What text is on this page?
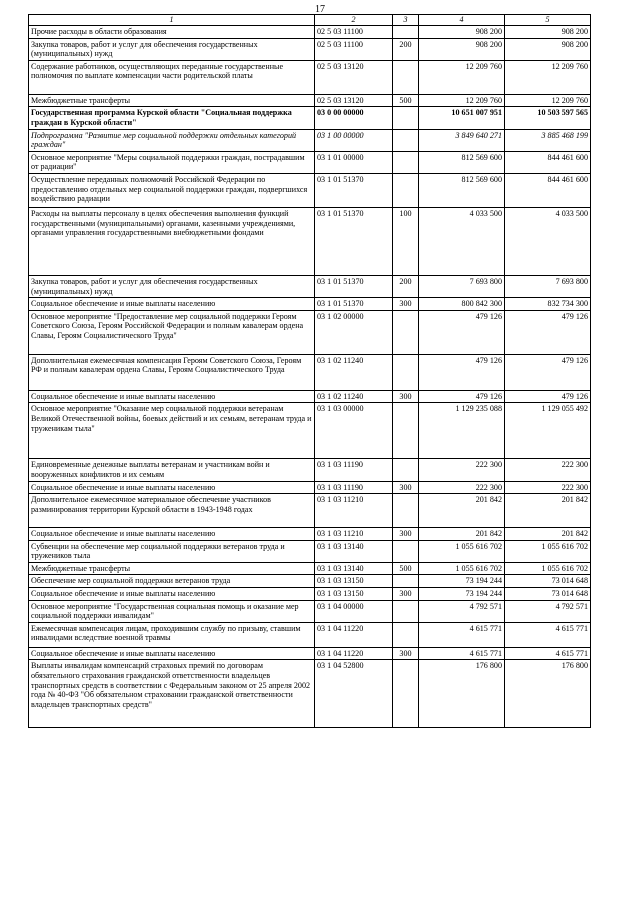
17
1	2	3	4	5
Прочие расходы в области образования	02 5 03 11100		908 200	908 200
Закупка товаров, работ и услуг для обеспечения государственных (муниципальных) нужд	02 5 03 11100	200	908 200	908 200
Содержание работников, осуществляющих переданные государственные полномочия по выплате компенсации части родительской платы	02 5 03 13120		12 209 760	12 209 760
Межбюджетные трансферты	02 5 03 13120	500	12 209 760	12 209 760
Государственная программа Курской области "Социальная поддержка граждан в Курской области"	03 0 00 00000		10 651 007 951	10 503 597 565
Подпрограмма "Развитие мер социальной поддержки отдельных категорий граждан"	03 1 00 00000		3 849 640 271	3 885 468 199
Основное мероприятие "Меры социальной поддержки граждан, пострадавшим от радиации"	03 1 01 00000		812 569 600	844 461 600
Осуществление переданных полномочий Российской Федерации по предоставлению отдельных мер социальной поддержки граждан, подвергшихся воздействию радиации	03 1 01 51370		812 569 600	844 461 600
Расходы на выплаты персоналу в целях обеспечения выполнения функций государственными (муниципальными) органами, казенными учреждениями, органами управления государственными внебюджетными фондами	03 1 01 51370	100	4 033 500	4 033 500
Закупка товаров, работ и услуг для обеспечения государственных (муниципальных) нужд	03 1 01 51370	200	7 693 800	7 693 800
Социальное обеспечение и иные выплаты населению	03 1 01 51370	300	800 842 300	832 734 300
Основное мероприятие "Предоставление мер социальной поддержки Героям Советского Союза, Героям Российской Федерации и полным кавалерам ордена Славы, Героям Социалистического Труда"	03 1 02 00000		479 126	479 126
Дополнительная ежемесячная компенсация Героям Советского Союза, Героям РФ и полным кавалерам ордена Славы, Героям Социалистического Труда	03 1 02 11240		479 126	479 126
Социальное обеспечение и иные выплаты населению	03 1 02 11240	300	479 126	479 126
Основное мероприятие "Оказание мер социальной поддержки ветеранам Великой Отечественной войны, боевых действий и их семьям, ветеранам труда и труженикам тыла"	03 1 03 00000		1 129 235 088	1 129 055 492
Единовременные денежные выплаты ветеранам и участникам войн и вооруженных конфликтов и их семьям	03 1 03 11190		222 300	222 300
Социальное обеспечение и иные выплаты населению	03 1 03 11190	300	222 300	222 300
Дополнительное ежемесячное материальное обеспечение участников разминирования территории Курской области в 1943-1948 годах	03 1 03 11210		201 842	201 842
Социальное обеспечение и иные выплаты населению	03 1 03 11210	300	201 842	201 842
Субвенции на обеспечение мер социальной поддержки ветеранов труда и тружеников тыла	03 1 03 13140		1 055 616 702	1 055 616 702
Межбюджетные трансферты	03 1 03 13140	500	1 055 616 702	1 055 616 702
Обеспечение мер социальной поддержки ветеранов труда	03 1 03 13150		73 194 244	73 014 648
Социальное обеспечение и иные выплаты населению	03 1 03 13150	300	73 194 244	73 014 648
Основное мероприятие "Государственная социальная помощь и оказание мер социальной поддержки инвалидам"	03 1 04 00000		4 792 571	4 792 571
Ежемесячная компенсация лицам, проходившим службу по призыву, ставшим инвалидами вследствие военной травмы	03 1 04 11220		4 615 771	4 615 771
Социальное обеспечение и иные выплаты населению	03 1 04 11220	300	4 615 771	4 615 771
Выплаты инвалидам компенсаций страховых премий по договорам обязательного страхования гражданской ответственности владельцев транспортных средств в соответствии с Федеральным законом от 25 апреля 2002 года № 40-ФЗ "Об обязательном страховании гражданской ответственности владельцев транспортных средств"	03 1 04 52800		176 800	176 800
